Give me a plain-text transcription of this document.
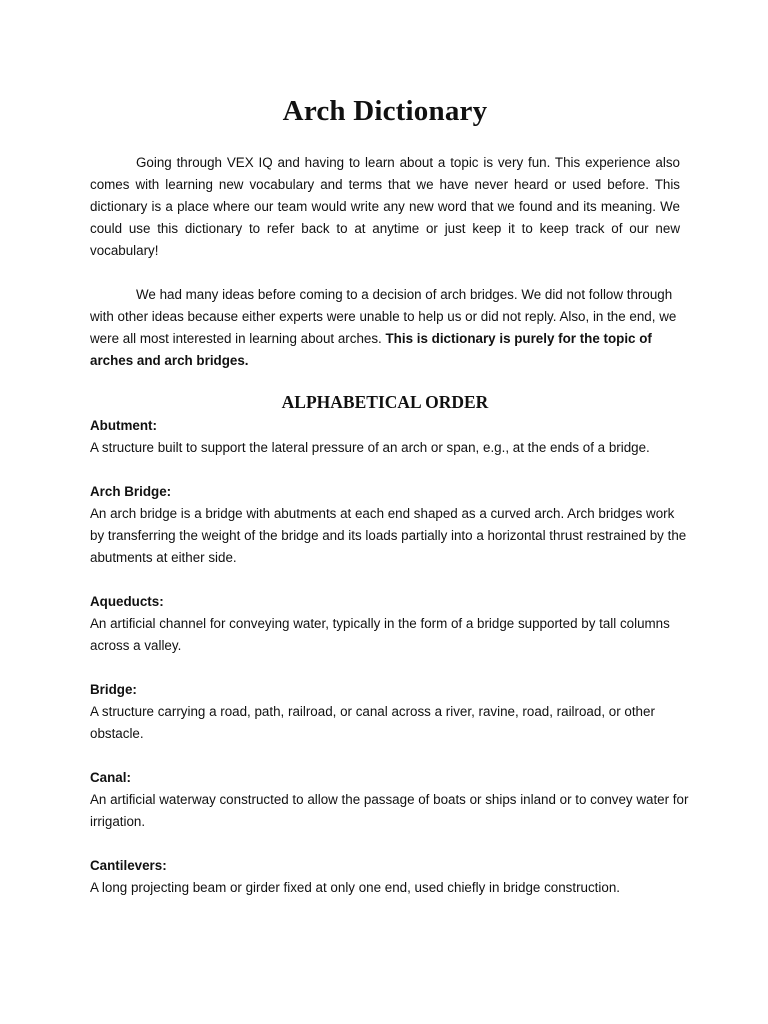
Arch Dictionary

Going through VEX IQ and having to learn about a topic is very fun. This experience also comes with learning new vocabulary and terms that we have never heard or used before. This dictionary is a place where our team would write any new word that we found and its meaning. We could use this dictionary to refer back to at anytime or just keep it to keep track of our new vocabulary!

We had many ideas before coming to a decision of arch bridges. We did not follow through with other ideas because either experts were unable to help us or did not reply. Also, in the end, we were all most interested in learning about arches. This is dictionary is purely for the topic of arches and arch bridges.

ALPHABETICAL ORDER
Abutment:
A structure built to support the lateral pressure of an arch or span, e.g., at the ends of a bridge.
Arch Bridge:
An arch bridge is a bridge with abutments at each end shaped as a curved arch. Arch bridges work by transferring the weight of the bridge and its loads partially into a horizontal thrust restrained by the abutments at either side.
Aqueducts:
An artificial channel for conveying water, typically in the form of a bridge supported by tall columns across a valley.
Bridge:
A structure carrying a road, path, railroad, or canal across a river, ravine, road, railroad, or other obstacle.
Canal:
An artificial waterway constructed to allow the passage of boats or ships inland or to convey water for irrigation.
Cantilevers:
A long projecting beam or girder fixed at only one end, used chiefly in bridge construction.
